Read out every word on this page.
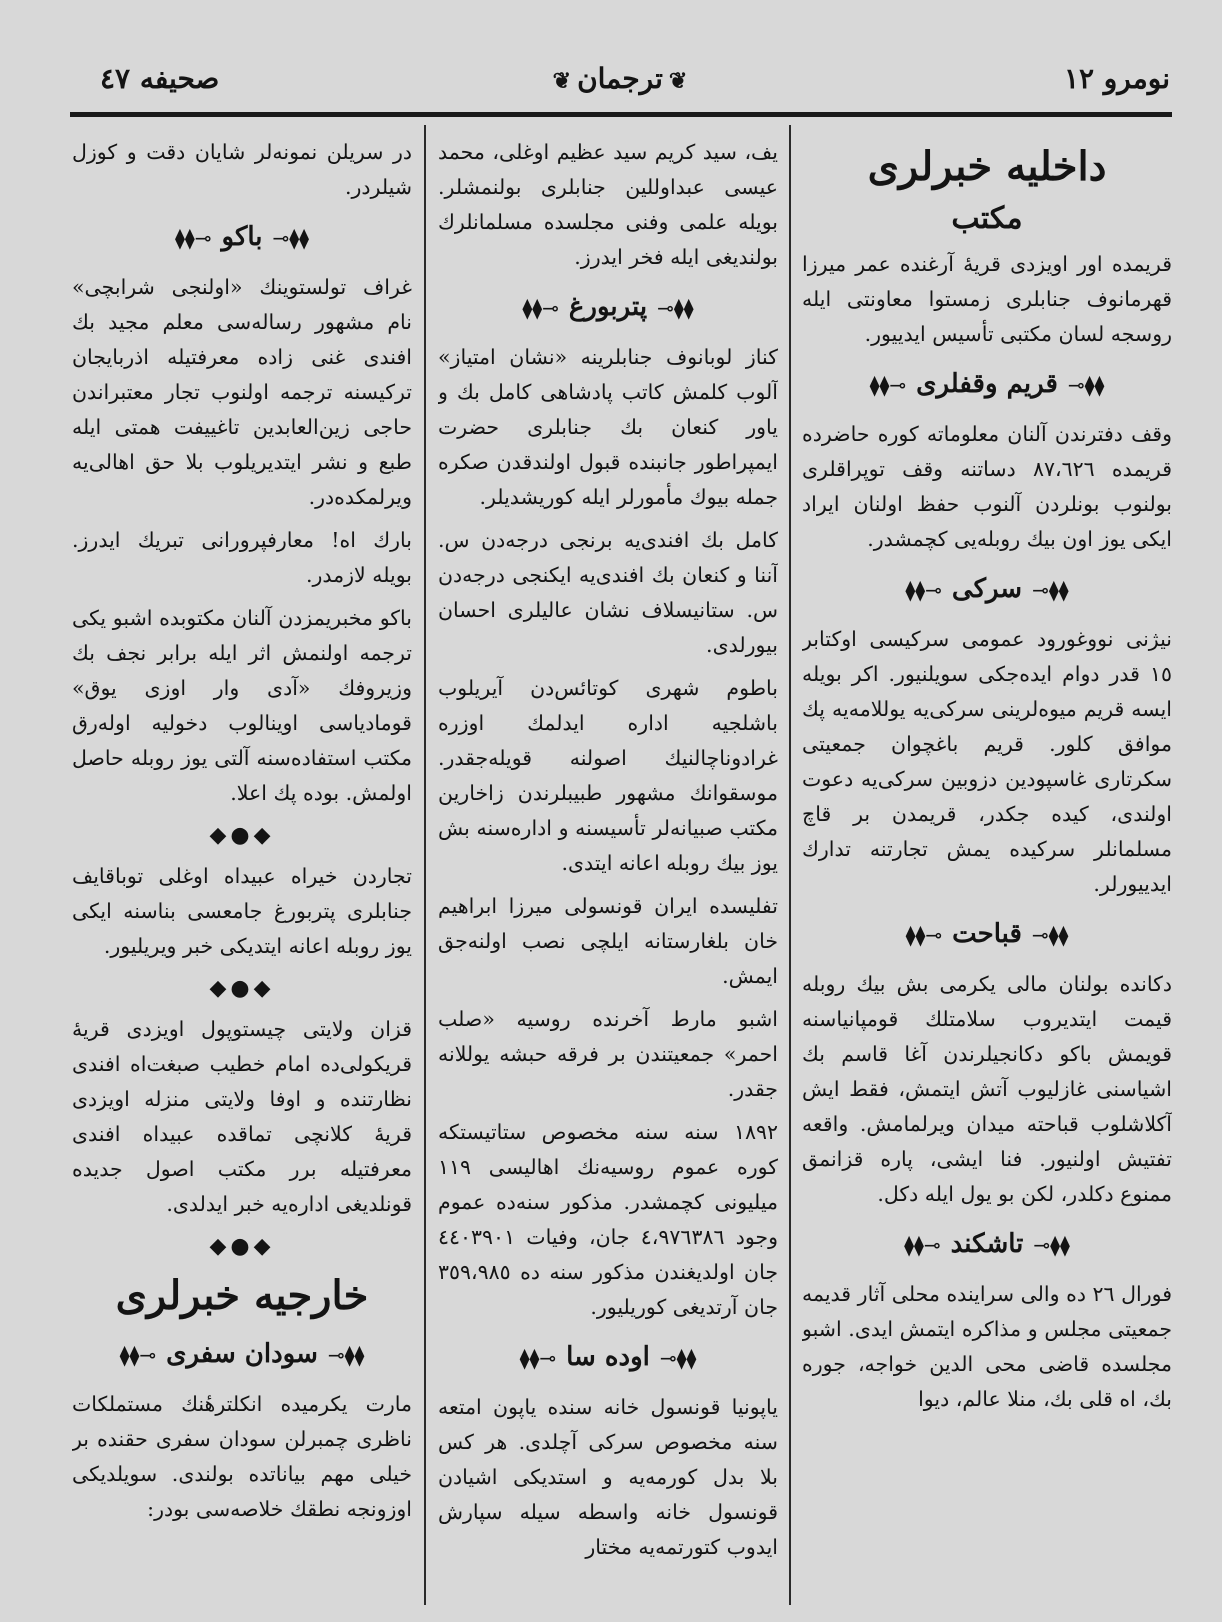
نومرو ١٢
❦ترجمان❦
صحیفه ٤٧
داخلیه خبرلری
مکتب

قریمده اور اویزدی قریهٔ آرغنده عمر میرزا قهرمانوف جنابلری زمستوا معاونتی ایله روسجه لسان مکتبی تأسیس ایدییور.

⧫⧫⊸قریم وقفلری⊸⧫⧫

وقف دفترندن آلنان معلوماته کوره حاضرده قریمده ٨٧،٦٢٦ دساتنه وقف توپراقلری بولنوب بونلردن آلنوب حفظ اولنان ایراد ایکی یوز اون بیك روبله‌یی کچمشدر.

⧫⧫⊸سرکی⊸⧫⧫

نیژنی نووغورود عمومی سرکیسی اوکتابر ١٥ قدر دوام ایده‌جکی سویلنیور. اکر بویله ایسه قریم میوه‌لرینی سرکی‌یه یوللامه‌یه پك موافق کلور. قریم باغچوان جمعیتی سکرتاری غاسپودین دزوبین سرکی‌یه دعوت اولندی، کیده جکدر، قریمدن بر قاچ مسلمانلر سرکیده یمش تجارتنه تدارك ایدییورلر.

⧫⧫⊸قباحت⊸⧫⧫

دکانده بولنان مالی یکرمی بش بیك روبله قیمت ایتدیروب سلامتلك قومپانیاسنه قویمش باکو دکانجیلرندن آغا قاسم بك اشیاسنی غازلیوب آتش ایتمش، فقط ایش آکلاشلوب قباحته میدان ویرلمامش. واقعه تفتیش اولنیور. فنا ایشی، پاره قزانمق ممنوع دکلدر، لکن بو یول ایله دکل.

⧫⧫⊸تاشکند⊸⧫⧫

فورال ٢٦ ده والی سراینده محلی آثار قدیمه جمعیتی مجلس و مذاکره ایتمش ایدی. اشبو مجلسده قاضی محی الدین خواجه، جوره بك، اه قلی بك، منلا عالم، دیوا

یف، سید کریم سید عظیم اوغلی، محمد عیسی عبداوللین جنابلری بولنمشلر. بویله علمی وفنی مجلسده مسلمانلرك بولندیغی ایله فخر ایدرز.

⧫⧫⊸پتربورغ⊸⧫⧫

کناز لوبانوف جنابلرینه «نشان امتیاز» آلوب کلمش کاتب پادشاهی کامل بك و یاور کنعان بك جنابلری حضرت ایمپراطور جانبنده قبول اولندقدن صکره جمله بیوك مأمورلر ایله کوریشدیلر.

کامل بك افندی‌یه برنجی درجه‌دن س. آننا و کنعان بك افندی‌یه ایکنجی درجه‌دن س. ستانیسلاف نشان عالیلری احسان بیورلدی.

باطوم شهری کوتائس‌دن آیریلوب باشلجیه اداره ایدلمك اوزره غرادوناچالنیك اصولنه قویله‌جقدر. موسقوانك مشهور طبیبلرندن زاخارین مکتب صبیانه‌لر تأسیسنه و اداره‌سنه بش یوز بیك روبله اعانه ایتدی.

تفلیسده ایران قونسولی میرزا ابراهیم خان بلغارستانه ایلچی نصب اولنه‌جق ایمش.

اشبو مارط آخرنده روسیه «صلب احمر» جمعیتندن بر فرقه حبشه یوللانه جقدر.

١٨٩٢ سنه سنه مخصوص ستاتیستکه کوره عموم روسیه‌نك اهالیسی ١١٩ میلیونی کچمشدر. مذکور سنه‌ده عموم وجود ٤،٩٧٦٣٨٦ جان، وفیات ٤٤٠٣٩٠١ جان اولدیغندن مذکور سنه ده ٣٥٩،٩٨٥ جان آرتدیغی کوریلیور.

⧫⧫⊸اوده سا⊸⧫⧫

یاپونیا قونسول خانه سنده یاپون امتعه سنه مخصوص سرکی آچلدی. هر کس بلا بدل کورمه‌یه و استدیکی اشیادن قونسول خانه واسطه سیله سپارش ایدوب کتورتمه‌یه مختار

در سریلن نمونه‌لر شایان دقت و کوزل شیلردر.

⧫⧫⊸باکو⊸⧫⧫

غراف تولستوینك «اولنجی شرابچی» نام مشهور رساله‌سی معلم مجید بك افندی غنی زاده معرفتیله اذربایجان ترکیسنه ترجمه اولنوب تجار معتبراندن حاجی زین‌العابدین تاغییفت همتی ایله طبع و نشر ایتدیریلوب بلا حق اهالی‌یه ویرلمکده‌در.

بارك اه! معارفپرورانی تبریك ایدرز. بویله لازمدر.

باکو مخبریمزدن آلنان مکتوبده اشبو یکی ترجمه اولنمش اثر ایله برابر نجف بك وزیروفك «آدی وار اوزی یوق» قومادیاسی اوینالوب دخولیه اوله‌رق مکتب استفاده‌سنه آلتی یوز روبله حاصل اولمش. بوده پك اعلا.

◆●◆

تجاردن خیراه عبیداه اوغلی توباقایف جنابلری پتربورغ جامعسی بناسنه ایکی یوز روبله اعانه ایتدیکی خبر ویریلیور.

◆●◆

قزان ولایتی چیستوپول اویزدی قریهٔ قریکولی‌ده امام خطیب صبغت‌اه افندی نظارتنده و اوفا ولایتی منزله اویزدی قریهٔ کلانچی تماقده عبیداه افندی معرفتیله برر مکتب اصول جدیده قونلدیغی اداره‌یه خبر ایدلدی.

◆●◆
خارجیه خبرلری
⧫⧫⊸سودان سفری⊸⧫⧫

مارت یکرمیده انکلترهٔنك مستملکات ناظری چمبرلن سودان سفری حقنده بر خیلی مهم بیاناتده بولندی. سویلدیکی اوزونجه نطقك خلاصه‌سی بودر:
